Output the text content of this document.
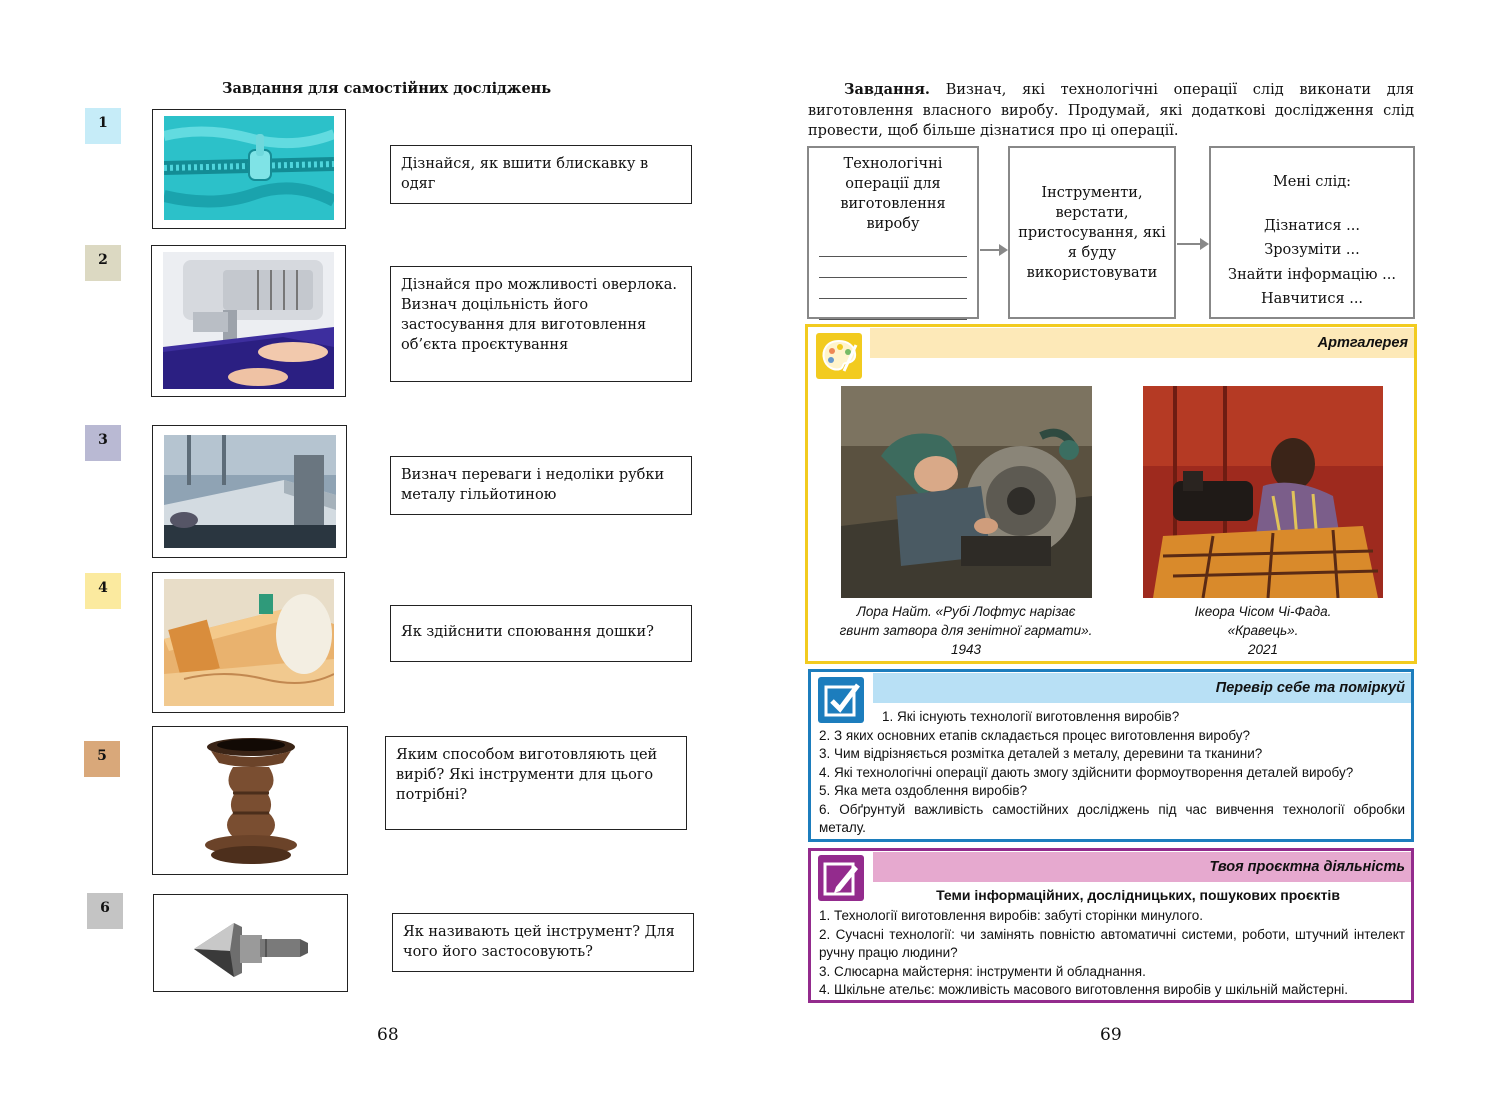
Завдання для самостійних досліджень
1
Дізнайся, як вшити блискавку в одяг
2
Дізнайся про можливості оверлока. Визнач доцільність його застосування для виготовлення об’єкта проєктування
3
Визнач переваги і недоліки рубки металу гільйотиною
4
Як здійснити споювання дошки?
5	Яким способом виготовляють цей виріб? Які інструменти для цього потрібні?
6
Як називають цей інструмент? Для чого його застосовують?
68
Завдання. Визнач, які технологічні операції слід виконати для виготовлення власного виробу. Продумай, які додаткові дослідження слід провести, щоб більше дізнатися про ці операції.
Технологічні операції для виготовлення виробу
Інструменти, верстати, пристосування, які я буду використовувати
Мені слід:
Дізнатися ...
Зрозуміти ...
Знайти інформацію ...
Навчитися ...
Артгалерея
Лора Найт. «Рубі Лофтус нарізає
гвинт затвора для зенітної гармати».
1943
Ікеора Чісом Чі-Фада.
«Кравець».
2021
Перевір себе та поміркуй
1. Які існують технології виготовлення виробів?
2. З яких основних етапів складається процес виготовлення виробу?
3. Чим відрізняється розмітка деталей з металу, деревини та тканини?
4. Які технологічні операції дають змогу здійснити формоутворення деталей виробу?
5. Яка мета оздоблення виробів?
6. Обґрунтуй важливість самостійних досліджень під час вивчення технології обробки металу.
Твоя проєктна діяльність
Теми інформаційних, дослідницьких, пошукових проєктів
1. Технології виготовлення виробів: забуті сторінки минулого.
2. Сучасні технології: чи замінять повністю автоматичні системи, роботи, штучний інтелект ручну працю людини?
3. Слюсарна майстерня: інструменти й обладнання.
4. Шкільне ательє: можливість масового виготовлення виробів у шкільній майстерні.
69
